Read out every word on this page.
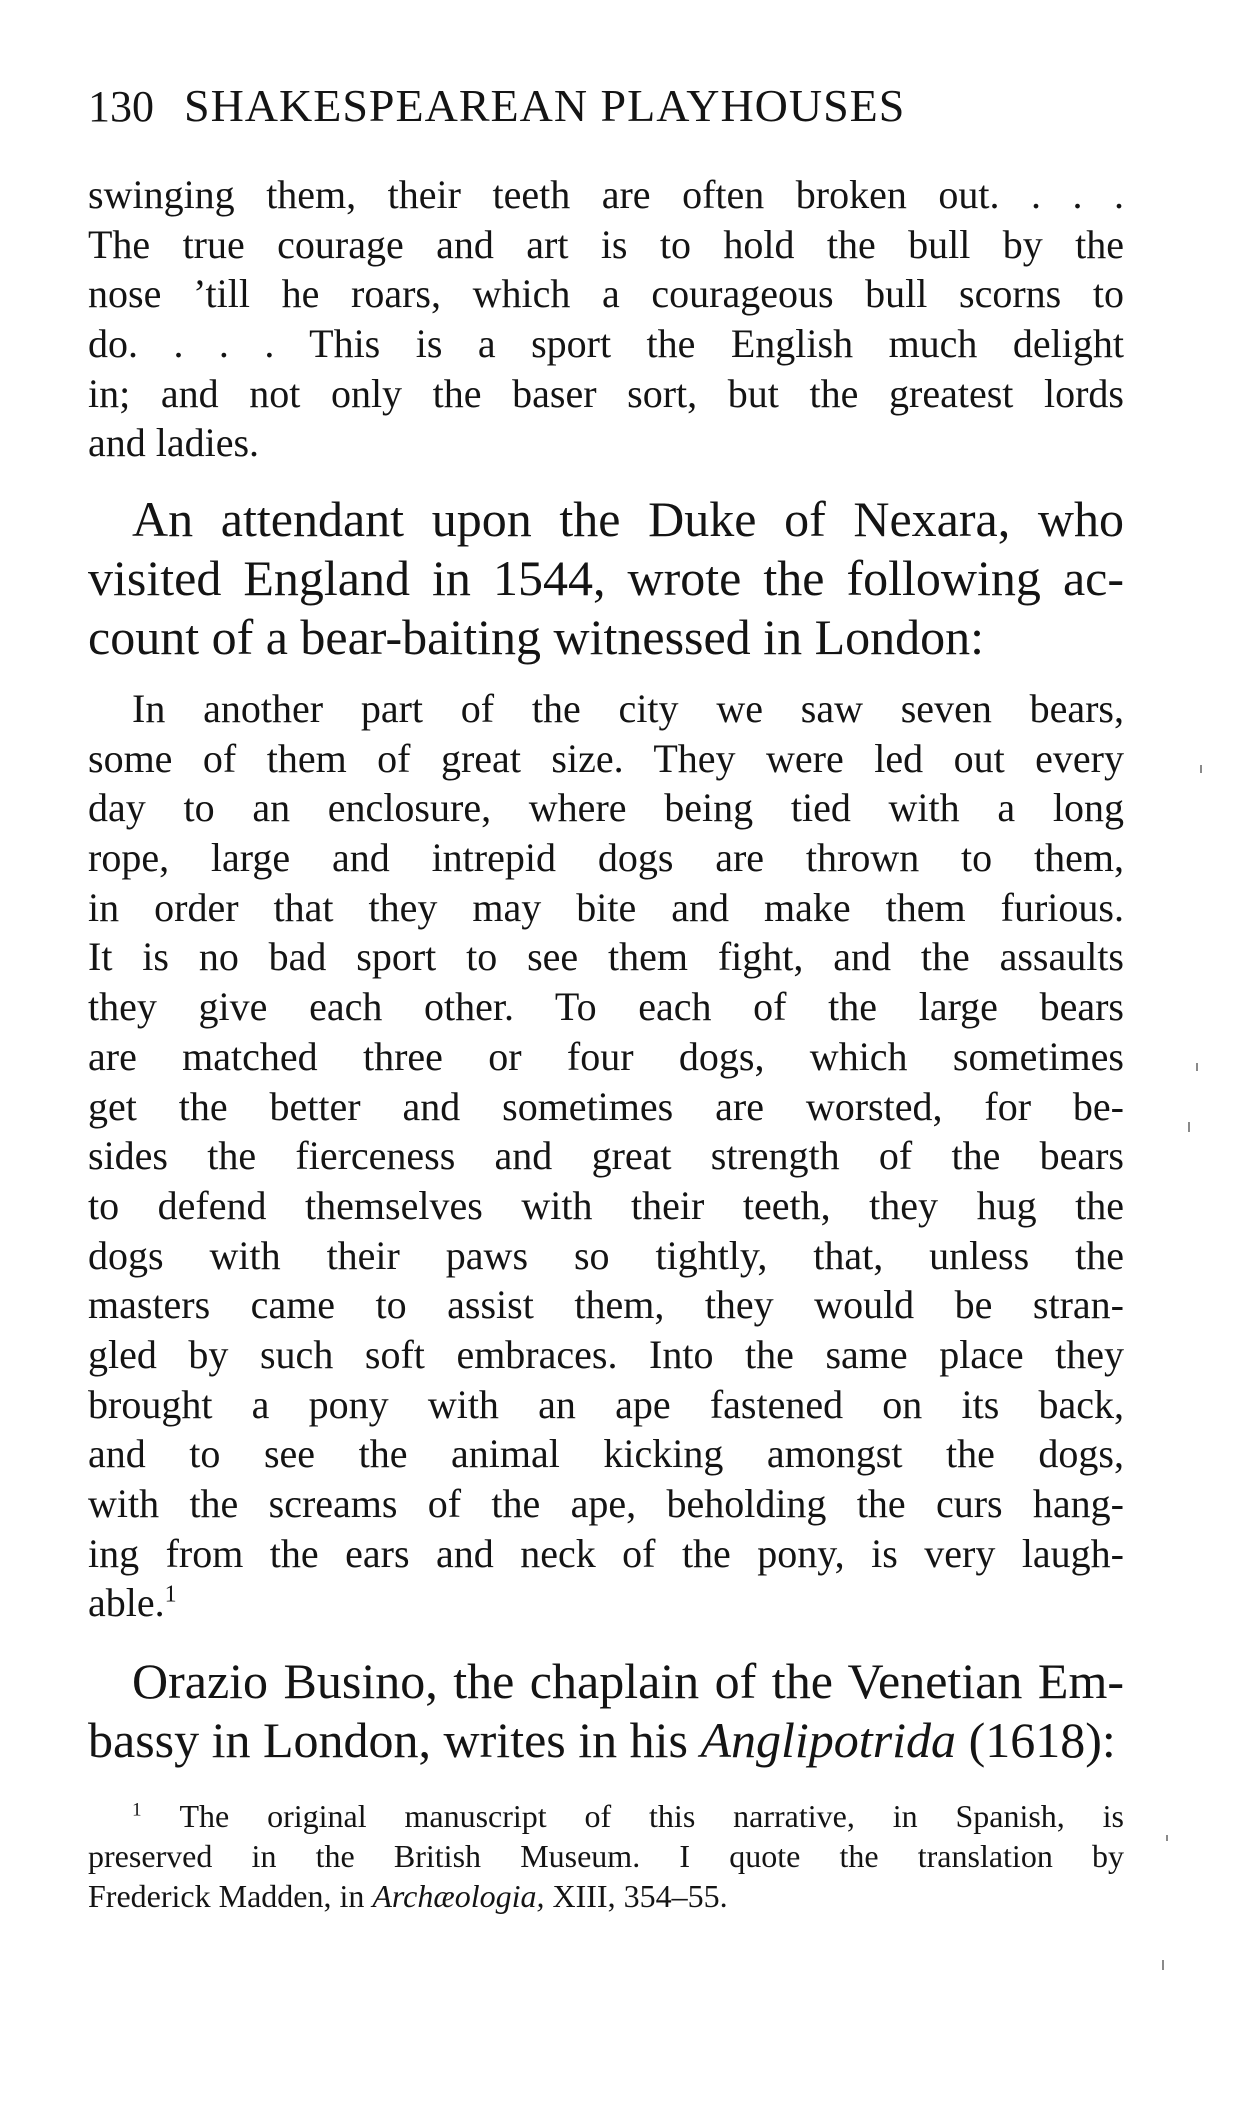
130 SHAKESPEAREAN PLAYHOUSES
swinging them, their teeth are often broken out. . . .
The true courage and art is to hold the bull by the
nose ’till he roars, which a courageous bull scorns to
do. . . . This is a sport the English much delight
in; and not only the baser sort, but the greatest lords
and ladies.
An attendant upon the Duke of Nexara, who
visited England in 1544, wrote the following ac-
count of a bear-baiting witnessed in London:
In another part of the city we saw seven bears,
some of them of great size. They were led out every
day to an enclosure, where being tied with a long
rope, large and intrepid dogs are thrown to them,
in order that they may bite and make them furious.
It is no bad sport to see them fight, and the assaults
they give each other. To each of the large bears
are matched three or four dogs, which sometimes
get the better and sometimes are worsted, for be-
sides the fierceness and great strength of the bears
to defend themselves with their teeth, they hug the
dogs with their paws so tightly, that, unless the
masters came to assist them, they would be stran-
gled by such soft embraces. Into the same place they
brought a pony with an ape fastened on its back,
and to see the animal kicking amongst the dogs,
with the screams of the ape, beholding the curs hang-
ing from the ears and neck of the pony, is very laugh-
able.$^1$
Orazio Busino, the chaplain of the Venetian Em-
bassy in London, writes in his Anglipotrida (1618):
$^1$ The original manuscript of this narrative, in Spanish, is
preserved in the British Museum. I quote the translation by
Frederick Madden, in Archæologia, XIII, 354–55.
